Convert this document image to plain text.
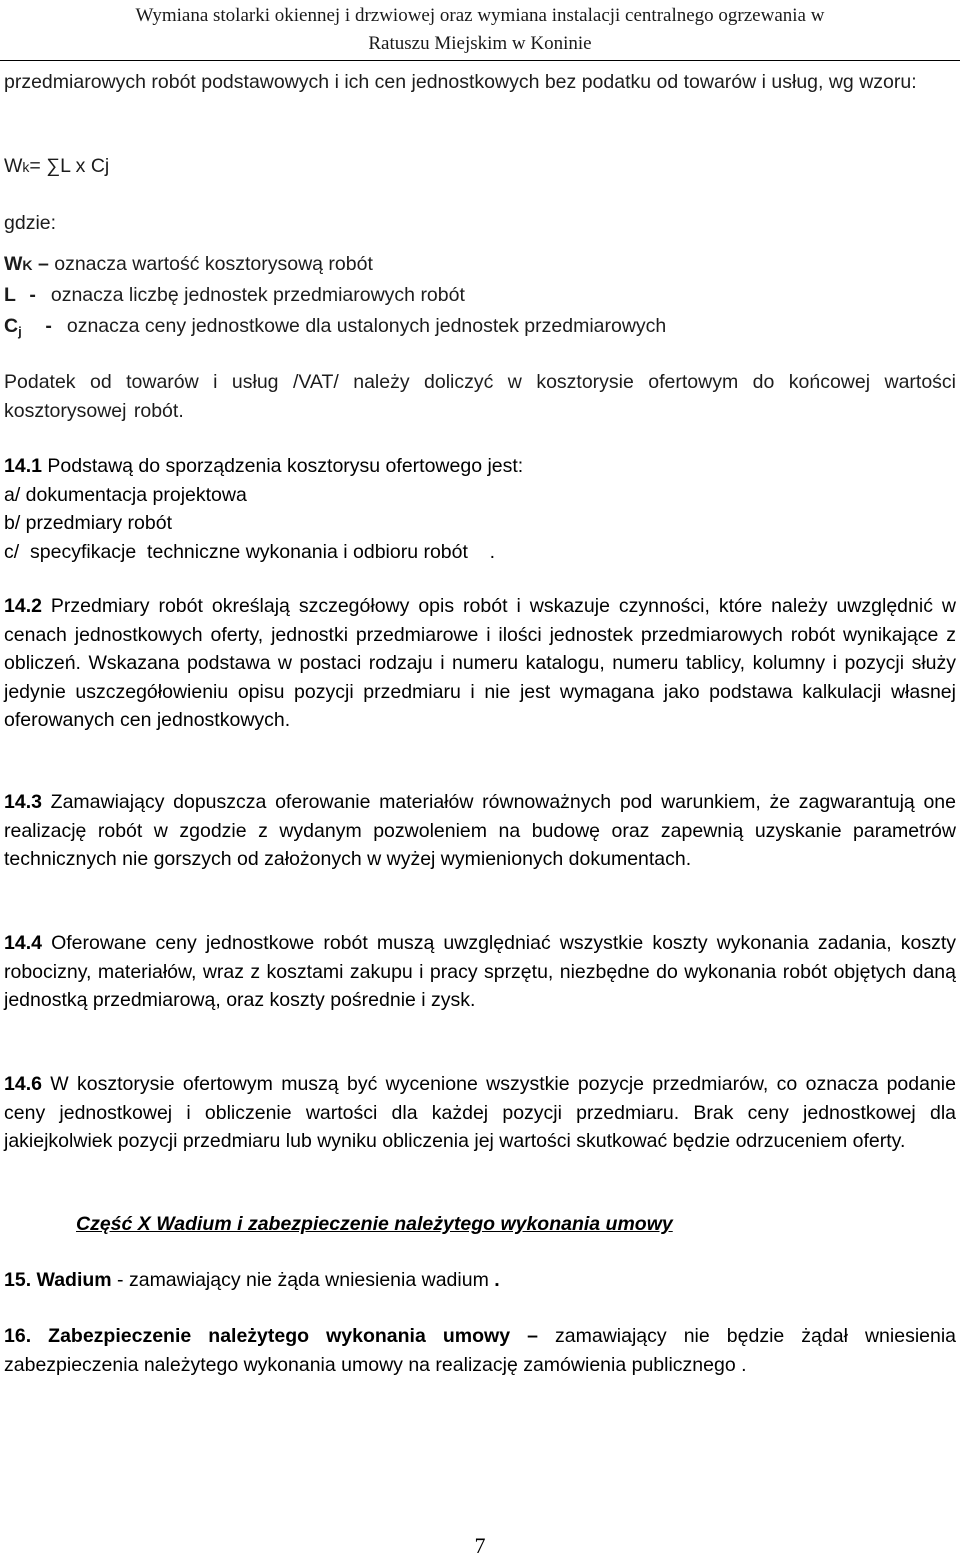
Wymiana stolarki okiennej i drzwiowej oraz wymiana instalacji centralnego ogrzewania w
Ratuszu Miejskim w Koninie
przedmiarowych robót podstawowych i ich cen jednostkowych bez podatku od towarów i usług, wg wzoru:
Wk= ∑L x Cj
gdzie:
WK – oznacza wartość kosztorysową robót
L - oznacza liczbę jednostek przedmiarowych robót
$C_j$ - oznacza ceny jednostkowe dla ustalonych jednostek przedmiarowych
Podatek od towarów i usług /VAT/ należy doliczyć w kosztorysie ofertowym do końcowej wartości kosztorysowej robót.
14.1 Podstawą do sporządzenia kosztorysu ofertowego jest:
a/ dokumentacja projektowa
b/ przedmiary robót
c/  specyfikacje  techniczne wykonania i odbioru robót    .
14.2 Przedmiary robót określają szczegółowy opis robót i wskazuje czynności, które należy uwzględnić w cenach jednostkowych oferty, jednostki przedmiarowe i ilości jednostek przedmiarowych robót wynikające z obliczeń. Wskazana podstawa w postaci rodzaju i numeru katalogu, numeru tablicy, kolumny i pozycji służy jedynie uszczegółowieniu opisu pozycji przedmiaru i nie jest wymagana jako podstawa kalkulacji własnej oferowanych cen jednostkowych.
14.3 Zamawiający dopuszcza oferowanie materiałów równoważnych pod warunkiem, że zagwarantują one realizację robót w zgodzie z wydanym pozwoleniem na budowę oraz zapewnią uzyskanie parametrów technicznych nie gorszych od założonych w wyżej wymienionych dokumentach.
14.4 Oferowane ceny jednostkowe robót muszą uwzględniać wszystkie koszty wykonania zadania, koszty robocizny, materiałów, wraz z kosztami zakupu i pracy sprzętu, niezbędne do wykonania robót objętych daną jednostką przedmiarową, oraz koszty pośrednie i zysk.
14.6 W kosztorysie ofertowym muszą być wycenione wszystkie pozycje przedmiarów, co oznacza podanie ceny jednostkowej i obliczenie wartości dla każdej pozycji przedmiaru. Brak ceny jednostkowej dla jakiejkolwiek pozycji przedmiaru lub wyniku obliczenia jej wartości skutkować będzie odrzuceniem oferty.
Część X Wadium i zabezpieczenie należytego wykonania umowy
15. Wadium - zamawiający nie żąda wniesienia wadium .
16. Zabezpieczenie należytego wykonania umowy – zamawiający nie będzie żądał wniesienia zabezpieczenia należytego wykonania umowy na realizację zamówienia publicznego .
7
